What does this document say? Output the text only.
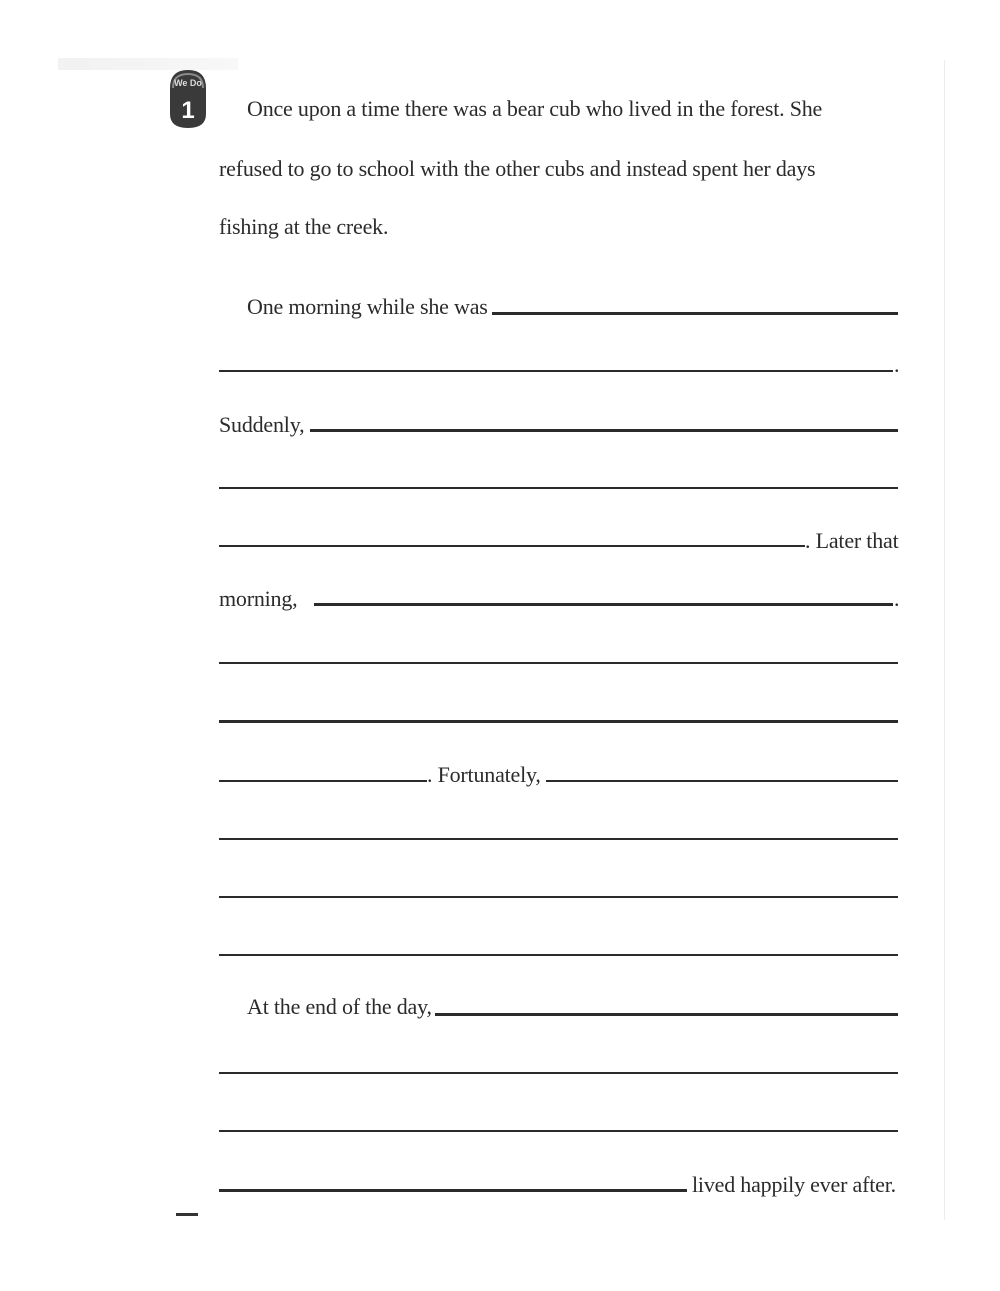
We Do
1 Once upon a time there was a bear cub who lived in the forest. She
refused to go to school with the other cubs and instead spent her days
fishing at the creek.
One morning while she was
.
Suddenly,
. Later that
morning,	.
. Fortunately,
At the end of the day,
lived happily ever after.
